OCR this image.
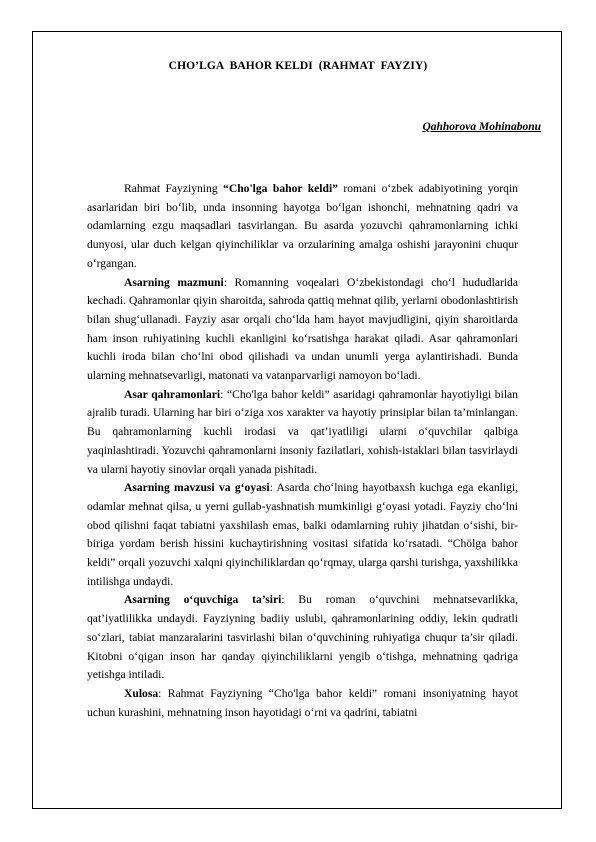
CHO’LGA  BAHOR KELDI  (RAHMAT  FAYZIY)

Qahhorova Mohinabonu

Rahmat Fayziyning “Cho'lga bahor keldi” romani o‘zbek adabiyotining yorqin asarlaridan biri bo‘lib, unda insonning hayotga bo‘lgan ishonchi, mehnatning qadri va odamlarning ezgu maqsadlari tasvirlangan. Bu asarda yozuvchi qahramonlarning ichki dunyosi, ular duch kelgan qiyinchiliklar va orzularining amalga oshishi jarayonini chuqur o‘rgangan.

Asarning mazmuni: Romanning voqealari O‘zbekistondagi cho‘l hududlarida kechadi. Qahramonlar qiyin sharoitda, sahroda qattiq mehnat qilib, yerlarni obodonlashtirish bilan shug‘ullanadi. Fayziy asar orqali cho‘lda ham hayot mavjudligini, qiyin sharoitlarda ham inson ruhiyatining kuchli ekanligini ko‘rsatishga harakat qiladi. Asar qahramonlari kuchli iroda bilan cho‘lni obod qilishadi va undan unumli yerga aylantirishadi. Bunda ularning mehnatsevarligi, matonati va vatanparvarligi namoyon bo‘ladi.

Asar qahramonlari: “Cho'lga bahor keldi” asaridagi qahramonlar hayotiyligi bilan ajralib turadi. Ularning har biri o‘ziga xos xarakter va hayotiy prinsiplar bilan ta’minlangan. Bu qahramonlarning kuchli irodasi va qat’iyatliligi ularni o‘quvchilar qalbiga yaqinlashtiradi. Yozuvchi qahramonlarni insoniy fazilatlari, xohish-istaklari bilan tasvirlaydi va ularni hayotiy sinovlar orqali yanada pishitadi.

Asarning mavzusi va g‘oyasi: Asarda cho‘lning hayotbaxsh kuchga ega ekanligi, odamlar mehnat qilsa, u yerni gullab-yashnatish mumkinligi g‘oyasi yotadi. Fayziy cho‘lni obod qilishni faqat tabiatni yaxshilash emas, balki odamlarning ruhiy jihatdan o‘sishi, bir-biriga yordam berish hissini kuchaytirishning vositasi sifatida ko‘rsatadi. “Chölga bahor keldi” orqali yozuvchi xalqni qiyinchiliklardan qo‘rqmay, ularga qarshi turishga, yaxshilikka intilishga undaydi.

Asarning o‘quvchiga ta’siri: Bu roman o‘quvchini mehnatsevarlikka, qat’iyatlilikka undaydi. Fayziyning badiiy uslubi, qahramonlarining oddiy, lekin qudratli so‘zlari, tabiat manzaralarini tasvirlashi bilan o‘quvchining ruhiyatiga chuqur ta’sir qiladi. Kitobni o‘qigan inson har qanday qiyinchiliklarni yengib o‘tishga, mehnatning qadriga yetishga intiladi.

Xulosa: Rahmat Fayziyning “Cho'lga bahor keldi” romani insoniyatning hayot uchun kurashini, mehnatning inson hayotidagi o‘rni va qadrini, tabiatni
